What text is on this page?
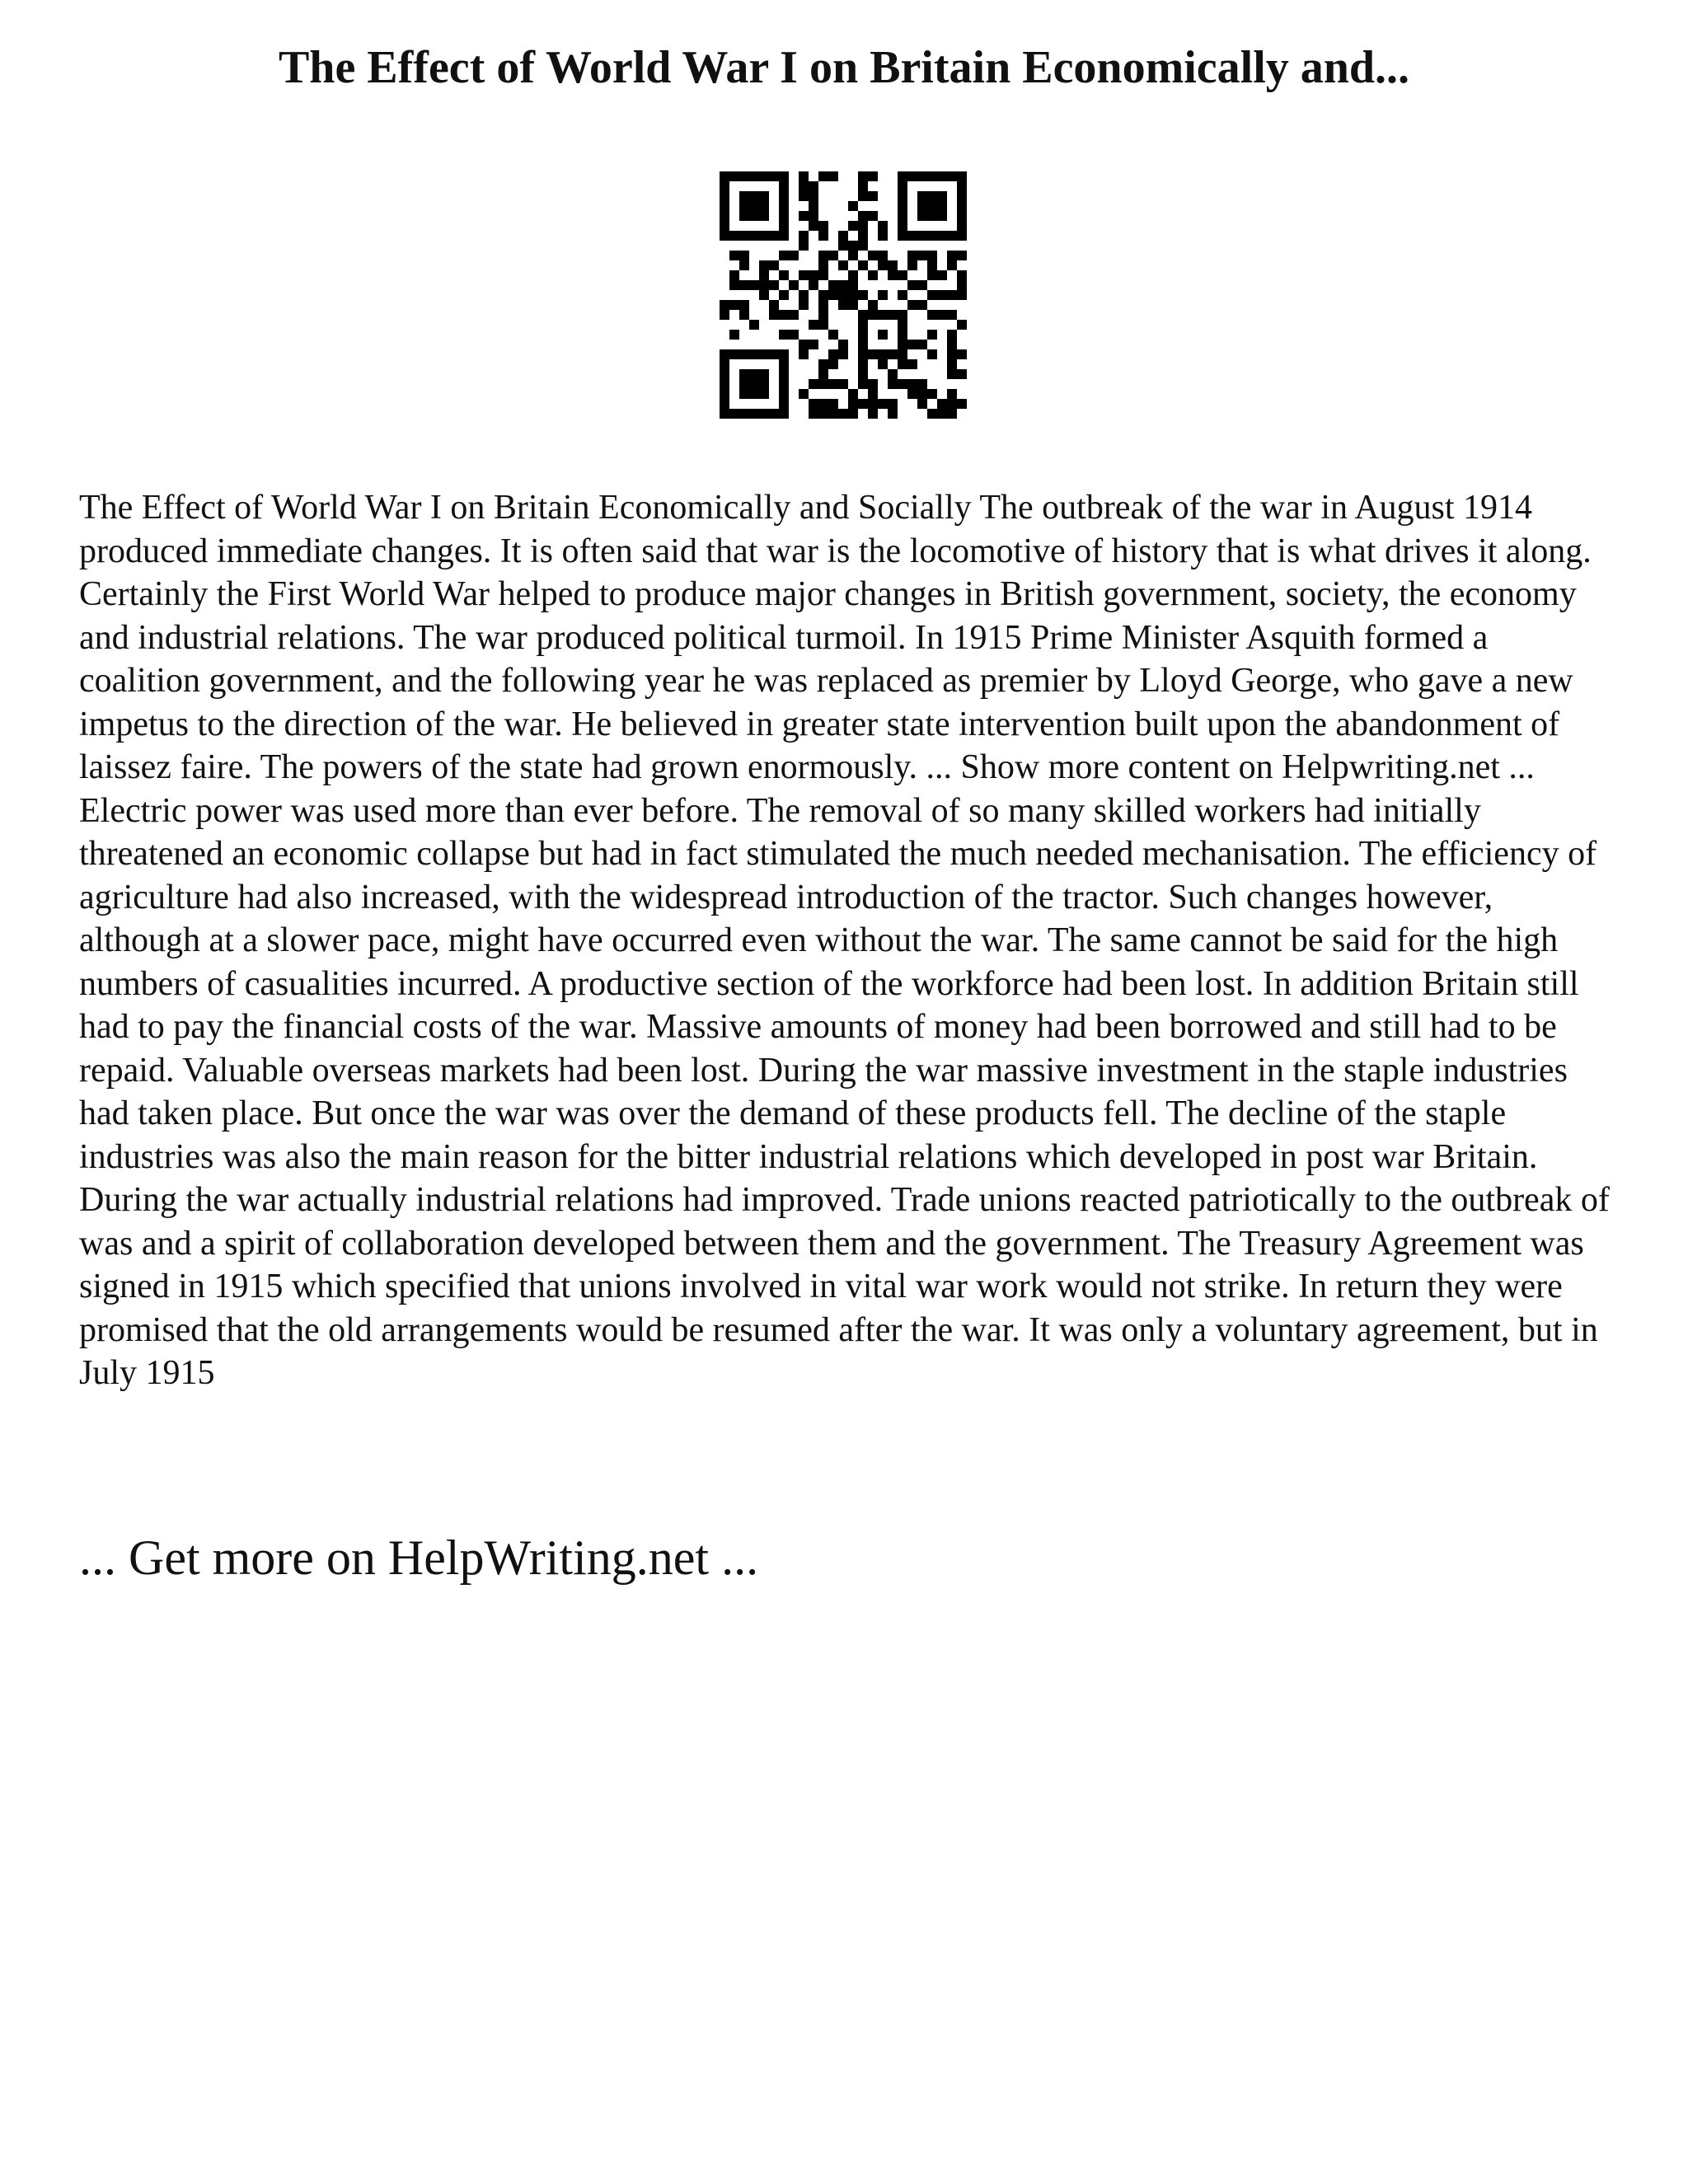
The Effect of World War I on Britain Economically and...

The Effect of World War I on Britain Economically and Socially The outbreak of the war in August 1914 produced immediate changes. It is often said that war is the locomotive of history that is what drives it along. Certainly the First World War helped to produce major changes in British government, society, the economy and industrial relations. The war produced political turmoil. In 1915 Prime Minister Asquith formed a coalition government, and the following year he was replaced as premier by Lloyd George, who gave a new impetus to the direction of the war. He believed in greater state intervention built upon the abandonment of laissez faire. The powers of the state had grown enormously. ... Show more content on Helpwriting.net ...

Electric power was used more than ever before. The removal of so many skilled workers had initially threatened an economic collapse but had in fact stimulated the much needed mechanisation. The efficiency of agriculture had also increased, with the widespread introduction of the tractor. Such changes however, although at a slower pace, might have occurred even without the war. The same cannot be said for the high numbers of casualities incurred. A productive section of the workforce had been lost. In addition Britain still had to pay the financial costs of the war. Massive amounts of money had been borrowed and still had to be repaid. Valuable overseas markets had been lost. During the war massive investment in the staple industries had taken place. But once the war was over the demand of these products fell. The decline of the staple industries was also the main reason for the bitter industrial relations which developed in post war Britain. During the war actually industrial relations had improved. Trade unions reacted patriotically to the outbreak of was and a spirit of collaboration developed between them and the government. The Treasury Agreement was signed in 1915 which specified that unions involved in vital war work would not strike. In return they were promised that the old arrangements would be resumed after the war. It was only a voluntary agreement, but in July 1915

... Get more on HelpWriting.net ...
